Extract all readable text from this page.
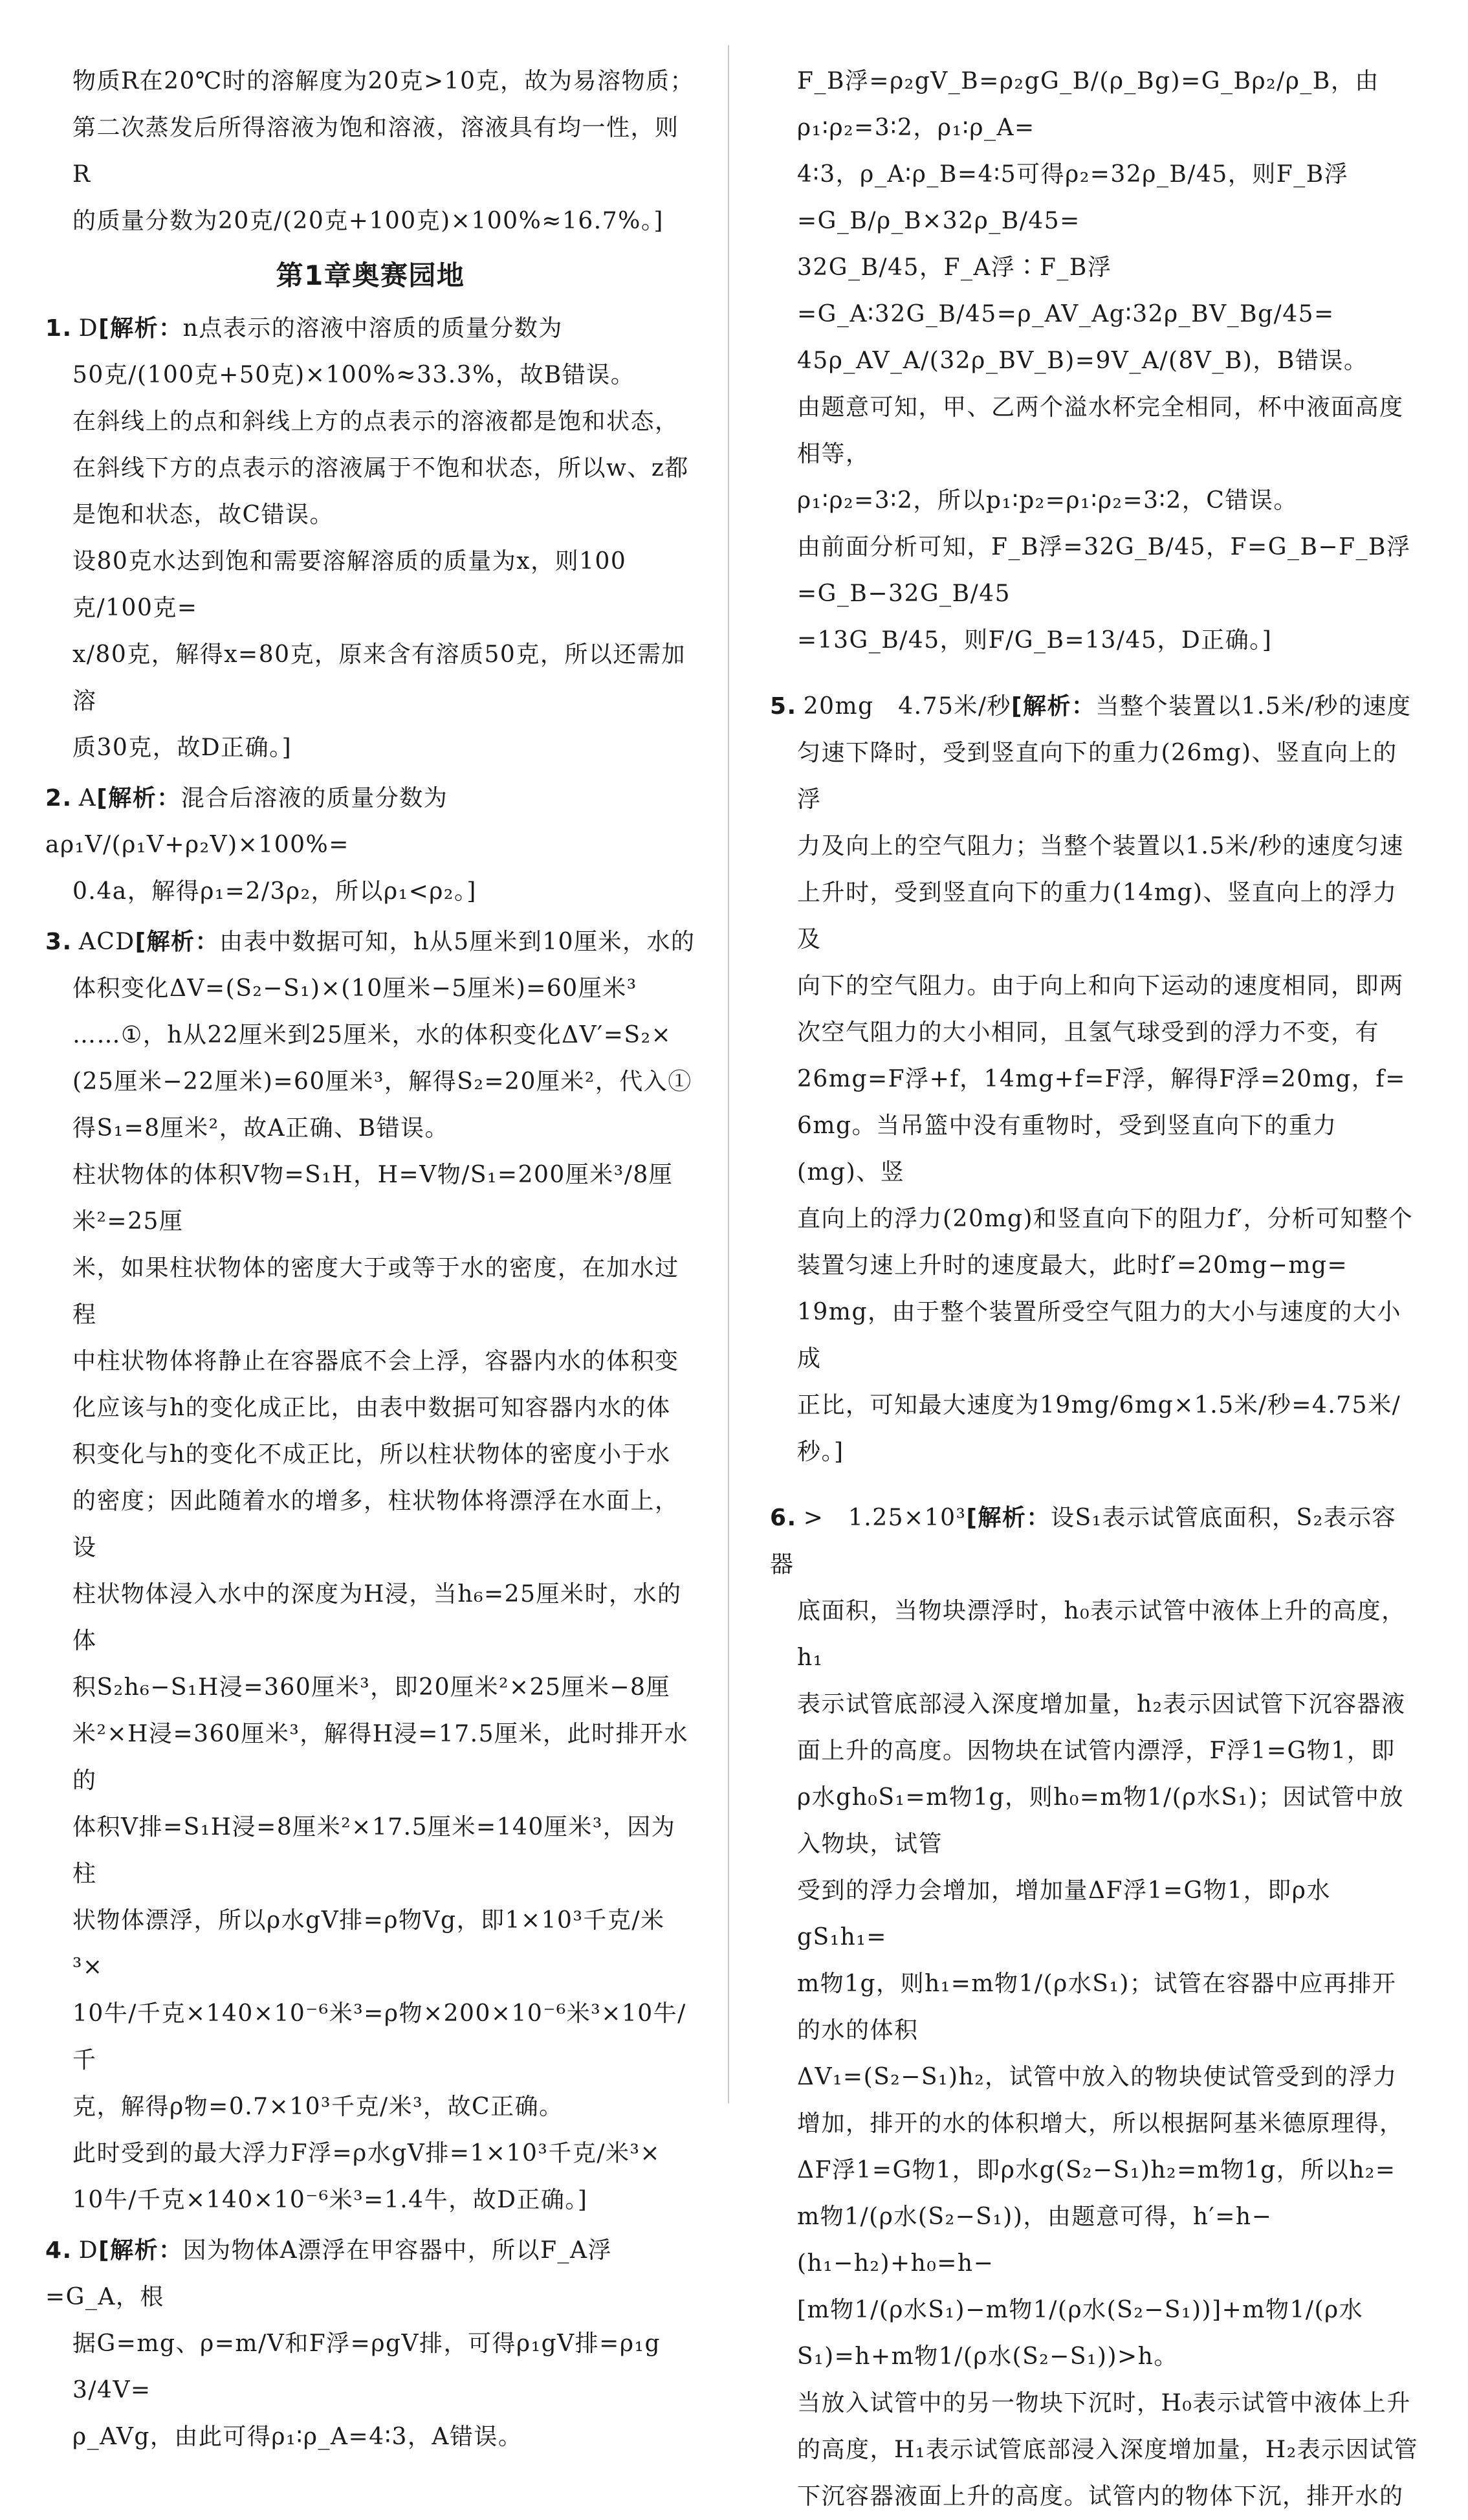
物质R在20℃时的溶解度为20克>10克，故为易溶物质；

第二次蒸发后所得溶液为饱和溶液，溶液具有均一性，则R

的质量分数为20克/(20克+100克)×100%≈16.7%。]

第1章奥赛园地

1. D[解析：n点表示的溶液中溶质的质量分数为

50克/(100克+50克)×100%≈33.3%，故B错误。

在斜线上的点和斜线上方的点表示的溶液都是饱和状态，

在斜线下方的点表示的溶液属于不饱和状态，所以w、z都

是饱和状态，故C错误。

设80克水达到饱和需要溶解溶质的质量为x，则100克/100克=

x/80克，解得x=80克，原来含有溶质50克，所以还需加溶

质30克，故D正确。]

2. A[解析：混合后溶液的质量分数为aρ₁V/(ρ₁V+ρ₂V)×100%=

0.4a，解得ρ₁=2/3ρ₂，所以ρ₁<ρ₂。]

3. ACD[解析：由表中数据可知，h从5厘米到10厘米，水的

体积变化ΔV=(S₂−S₁)×(10厘米−5厘米)=60厘米³

……①，h从22厘米到25厘米，水的体积变化ΔV′=S₂×

(25厘米−22厘米)=60厘米³，解得S₂=20厘米²，代入①

得S₁=8厘米²，故A正确、B错误。

柱状物体的体积V物=S₁H，H=V物/S₁=200厘米³/8厘米²=25厘

米，如果柱状物体的密度大于或等于水的密度，在加水过程

中柱状物体将静止在容器底不会上浮，容器内水的体积变

化应该与h的变化成正比，由表中数据可知容器内水的体

积变化与h的变化不成正比，所以柱状物体的密度小于水

的密度；因此随着水的增多，柱状物体将漂浮在水面上，设

柱状物体浸入水中的深度为H浸，当h₆=25厘米时，水的体

积S₂h₆−S₁H浸=360厘米³，即20厘米²×25厘米−8厘

米²×H浸=360厘米³，解得H浸=17.5厘米，此时排开水的

体积V排=S₁H浸=8厘米²×17.5厘米=140厘米³，因为柱

状物体漂浮，所以ρ水gV排=ρ物Vg，即1×10³千克/米³×

10牛/千克×140×10⁻⁶米³=ρ物×200×10⁻⁶米³×10牛/千

克，解得ρ物=0.7×10³千克/米³，故C正确。

此时受到的最大浮力F浮=ρ水gV排=1×10³千克/米³×

10牛/千克×140×10⁻⁶米³=1.4牛，故D正确。]

4. D[解析：因为物体A漂浮在甲容器中，所以F_A浮=G_A，根

据G=mg、ρ=m/V和F浮=ρgV排，可得ρ₁gV排=ρ₁g 3/4V=

ρ_AVg，由此可得ρ₁∶ρ_A=4∶3，A错误。

F_B浮=ρ₂gV_B=ρ₂gG_B/(ρ_Bg)=G_Bρ₂/ρ_B，由ρ₁∶ρ₂=3∶2，ρ₁∶ρ_A=

4∶3，ρ_A∶ρ_B=4∶5可得ρ₂=32ρ_B/45，则F_B浮=G_B/ρ_B×32ρ_B/45=

32G_B/45，F_A浮∶F_B浮=G_A∶32G_B/45=ρ_AV_Ag∶32ρ_BV_Bg/45=

45ρ_AV_A/(32ρ_BV_B)=9V_A/(8V_B)，B错误。

由题意可知，甲、乙两个溢水杯完全相同，杯中液面高度相等，

ρ₁∶ρ₂=3∶2，所以p₁∶p₂=ρ₁∶ρ₂=3∶2，C错误。

由前面分析可知，F_B浮=32G_B/45，F=G_B−F_B浮=G_B−32G_B/45

=13G_B/45，则F/G_B=13/45，D正确。]

5. 20mg　4.75米/秒[解析：当整个装置以1.5米/秒的速度

匀速下降时，受到竖直向下的重力(26mg)、竖直向上的浮

力及向上的空气阻力；当整个装置以1.5米/秒的速度匀速

上升时，受到竖直向下的重力(14mg)、竖直向上的浮力及

向下的空气阻力。由于向上和向下运动的速度相同，即两

次空气阻力的大小相同，且氢气球受到的浮力不变，有

26mg=F浮+f，14mg+f=F浮，解得F浮=20mg，f=

6mg。当吊篮中没有重物时，受到竖直向下的重力(mg)、竖

直向上的浮力(20mg)和竖直向下的阻力f′，分析可知整个

装置匀速上升时的速度最大，此时f′=20mg−mg=

19mg，由于整个装置所受空气阻力的大小与速度的大小成

正比，可知最大速度为19mg/6mg×1.5米/秒=4.75米/秒。]

6. >　1.25×10³[解析：设S₁表示试管底面积，S₂表示容器

底面积，当物块漂浮时，h₀表示试管中液体上升的高度，h₁

表示试管底部浸入深度增加量，h₂表示因试管下沉容器液

面上升的高度。因物块在试管内漂浮，F浮1=G物1，即

ρ水gh₀S₁=m物1g，则h₀=m物1/(ρ水S₁)；因试管中放入物块，试管

受到的浮力会增加，增加量ΔF浮1=G物1，即ρ水gS₁h₁=

m物1g，则h₁=m物1/(ρ水S₁)；试管在容器中应再排开的水的体积

ΔV₁=(S₂−S₁)h₂，试管中放入的物块使试管受到的浮力

增加，排开的水的体积增大，所以根据阿基米德原理得，

ΔF浮1=G物1，即ρ水g(S₂−S₁)h₂=m物1g，所以h₂=

m物1/(ρ水(S₂−S₁))，由题意可得，h′=h−(h₁−h₂)+h₀=h−

[m物1/(ρ水S₁)−m物1/(ρ水(S₂−S₁))]+m物1/(ρ水S₁)=h+m物1/(ρ水(S₂−S₁))>h。

当放入试管中的另一物块下沉时，H₀表示试管中液体上升

的高度，H₁表示试管底部浸入深度增加量，H₂表示因试管

下沉容器液面上升的高度。试管内的物体下沉，排开水的
